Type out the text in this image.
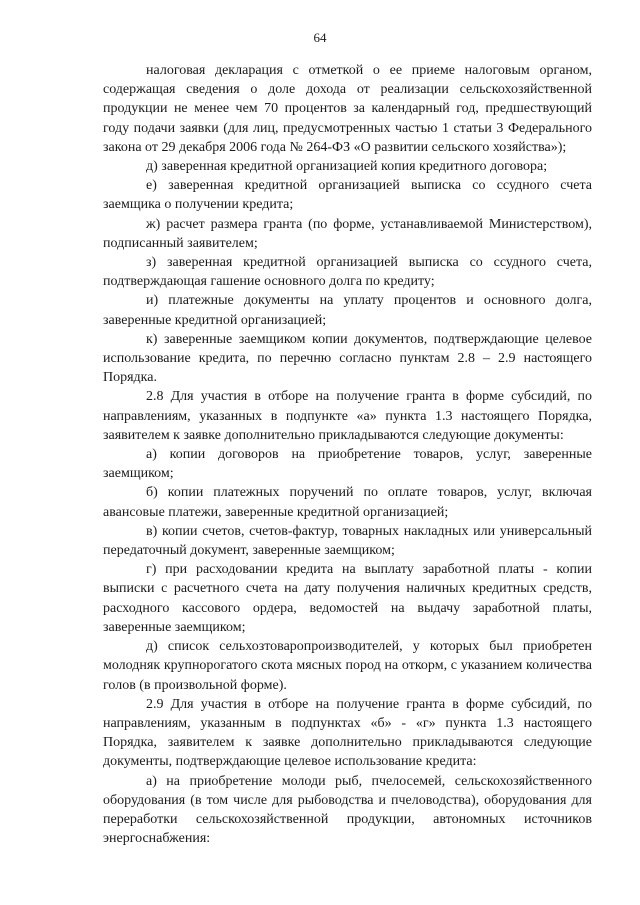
64

налоговая декларация с отметкой о ее приеме налоговым органом, содержащая сведения о доле дохода от реализации сельскохозяйственной продукции не менее чем 70 процентов за календарный год, предшествующий году подачи заявки (для лиц, предусмотренных частью 1 статьи 3 Федерального закона от 29 декабря 2006 года № 264-ФЗ «О развитии сельского хозяйства»);

д) заверенная кредитной организацией копия кредитного договора;

е) заверенная кредитной организацией выписка со ссудного счета заемщика о получении кредита;

ж) расчет размера гранта (по форме, устанавливаемой Министерством), подписанный заявителем;

з) заверенная кредитной организацией выписка со ссудного счета, подтверждающая гашение основного долга по кредиту;

и) платежные документы на уплату процентов и основного долга, заверенные кредитной организацией;

к) заверенные заемщиком копии документов, подтверждающие целевое использование кредита, по перечню согласно пунктам 2.8 – 2.9 настоящего Порядка.

2.8 Для участия в отборе на получение гранта в форме субсидий, по направлениям, указанных в подпункте «а» пункта 1.3 настоящего Порядка, заявителем к заявке дополнительно прикладываются следующие документы:

а) копии договоров на приобретение товаров, услуг, заверенные заемщиком;

б) копии платежных поручений по оплате товаров, услуг, включая авансовые платежи, заверенные кредитной организацией;

в) копии счетов, счетов-фактур, товарных накладных или универсальный передаточный документ, заверенные заемщиком;

г) при расходовании кредита на выплату заработной платы - копии выписки с расчетного счета на дату получения наличных кредитных средств, расходного кассового ордера, ведомостей на выдачу заработной платы, заверенные заемщиком;

д) список сельхозтоваропроизводителей, у которых был приобретен молодняк крупнорогатого скота мясных пород на откорм, с указанием количества голов (в произвольной форме).

2.9 Для участия в отборе на получение гранта в форме субсидий, по направлениям, указанным в подпунктах «б» - «г» пункта 1.3 настоящего Порядка, заявителем к заявке дополнительно прикладываются следующие документы, подтверждающие целевое использование кредита:

а) на приобретение молоди рыб, пчелосемей, сельскохозяйственного оборудования (в том числе для рыбоводства и пчеловодства), оборудования для переработки сельскохозяйственной продукции, автономных источников энергоснабжения:
